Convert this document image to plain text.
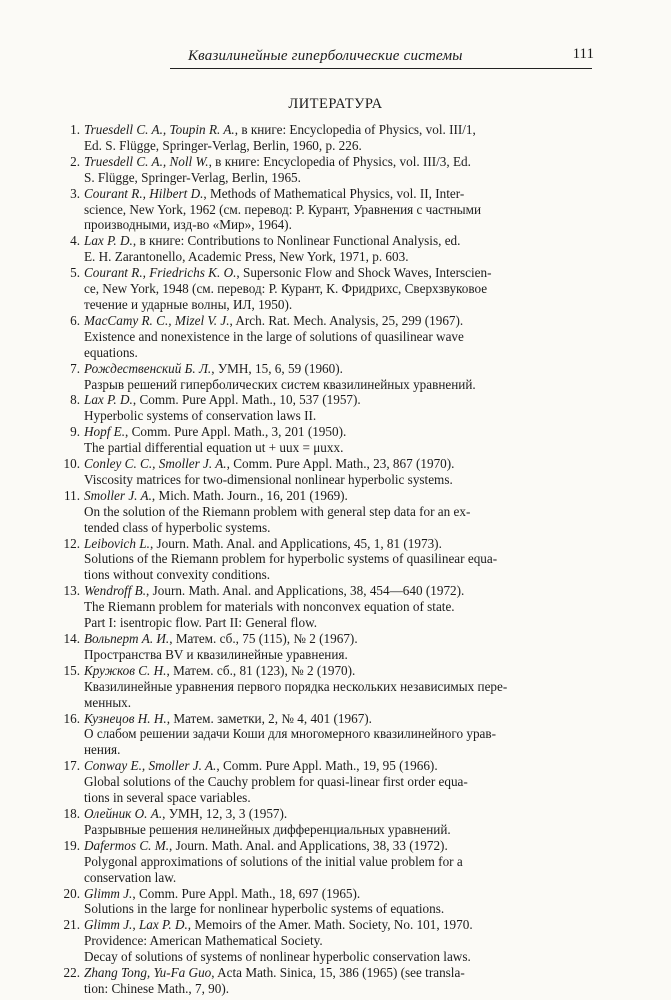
Квазилинейные гиперболические системы	111
ЛИТЕРАТУРА
1. Truesdell C. A., Toupin R. A., в книге: Encyclopedia of Physics, vol. III/1,
Ed. S. Flügge, Springer-Verlag, Berlin, 1960, p. 226.
2. Truesdell C. A., Noll W., в книге: Encyclopedia of Physics, vol. III/3, Ed.
S. Flügge, Springer-Verlag, Berlin, 1965.
3. Courant R., Hilbert D., Methods of Mathematical Physics, vol. II, Inter-
science, New York, 1962 (см. перевод: Р. Курант, Уравнения с частными
производными, изд-во «Мир», 1964).
4. Lax P. D., в книге: Contributions to Nonlinear Functional Analysis, ed.
E. H. Zarantonello, Academic Press, New York, 1971, p. 603.
5. Courant R., Friedrichs K. O., Supersonic Flow and Shock Waves, Interscien-
ce, New York, 1948 (см. перевод: Р. Курант, К. Фридрихс, Сверхзвуковое
течение и ударные волны, ИЛ, 1950).
6. MacCamy R. C., Mizel V. J., Arch. Rat. Mech. Analysis, 25, 299 (1967).
Existence and nonexistence in the large of solutions of quasilinear wave
equations.
7. Рождественский Б. Л., УМН, 15, 6, 59 (1960).
Разрыв решений гиперболических систем квазилинейных уравнений.
8. Lax P. D., Comm. Pure Appl. Math., 10, 537 (1957).
Hyperbolic systems of conservation laws II.
9. Hopf E., Comm. Pure Appl. Math., 3, 201 (1950).
The partial differential equation ut + uux = μuxx.
10. Conley C. C., Smoller J. A., Comm. Pure Appl. Math., 23, 867 (1970).
Viscosity matrices for two-dimensional nonlinear hyperbolic systems.
11. Smoller J. A., Mich. Math. Journ., 16, 201 (1969).
On the solution of the Riemann problem with general step data for an ex-
tended class of hyperbolic systems.
12. Leibovich L., Journ. Math. Anal. and Applications, 45, 1, 81 (1973).
Solutions of the Riemann problem for hyperbolic systems of quasilinear equa-
tions without convexity conditions.
13. Wendroff B., Journ. Math. Anal. and Applications, 38, 454—640 (1972).
The Riemann problem for materials with nonconvex equation of state.
Part I: isentropic flow. Part II: General flow.
14. Вольперт А. И., Матем. сб., 75 (115), № 2 (1967).
Пространства BV и квазилинейные уравнения.
15. Кружков С. Н., Матем. сб., 81 (123), № 2 (1970).
Квазилинейные уравнения первого порядка нескольких независимых пере-
менных.
16. Кузнецов Н. Н., Матем. заметки, 2, № 4, 401 (1967).
О слабом решении задачи Коши для многомерного квазилинейного урав-
нения.
17. Conway E., Smoller J. A., Comm. Pure Appl. Math., 19, 95 (1966).
Global solutions of the Cauchy problem for quasi-linear first order equa-
tions in several space variables.
18. Олейник О. А., УМН, 12, 3, 3 (1957).
Разрывные решения нелинейных дифференциальных уравнений.
19. Dafermos C. M., Journ. Math. Anal. and Applications, 38, 33 (1972).
Polygonal approximations of solutions of the initial value problem for a
conservation law.
20. Glimm J., Comm. Pure Appl. Math., 18, 697 (1965).
Solutions in the large for nonlinear hyperbolic systems of equations.
21. Glimm J., Lax P. D., Memoirs of the Amer. Math. Society, No. 101, 1970.
Providence: American Mathematical Society.
Decay of solutions of systems of nonlinear hyperbolic conservation laws.
22. Zhang Tong, Yu-Fa Guo, Acta Math. Sinica, 15, 386 (1965) (see transla-
tion: Chinese Math., 7, 90).
